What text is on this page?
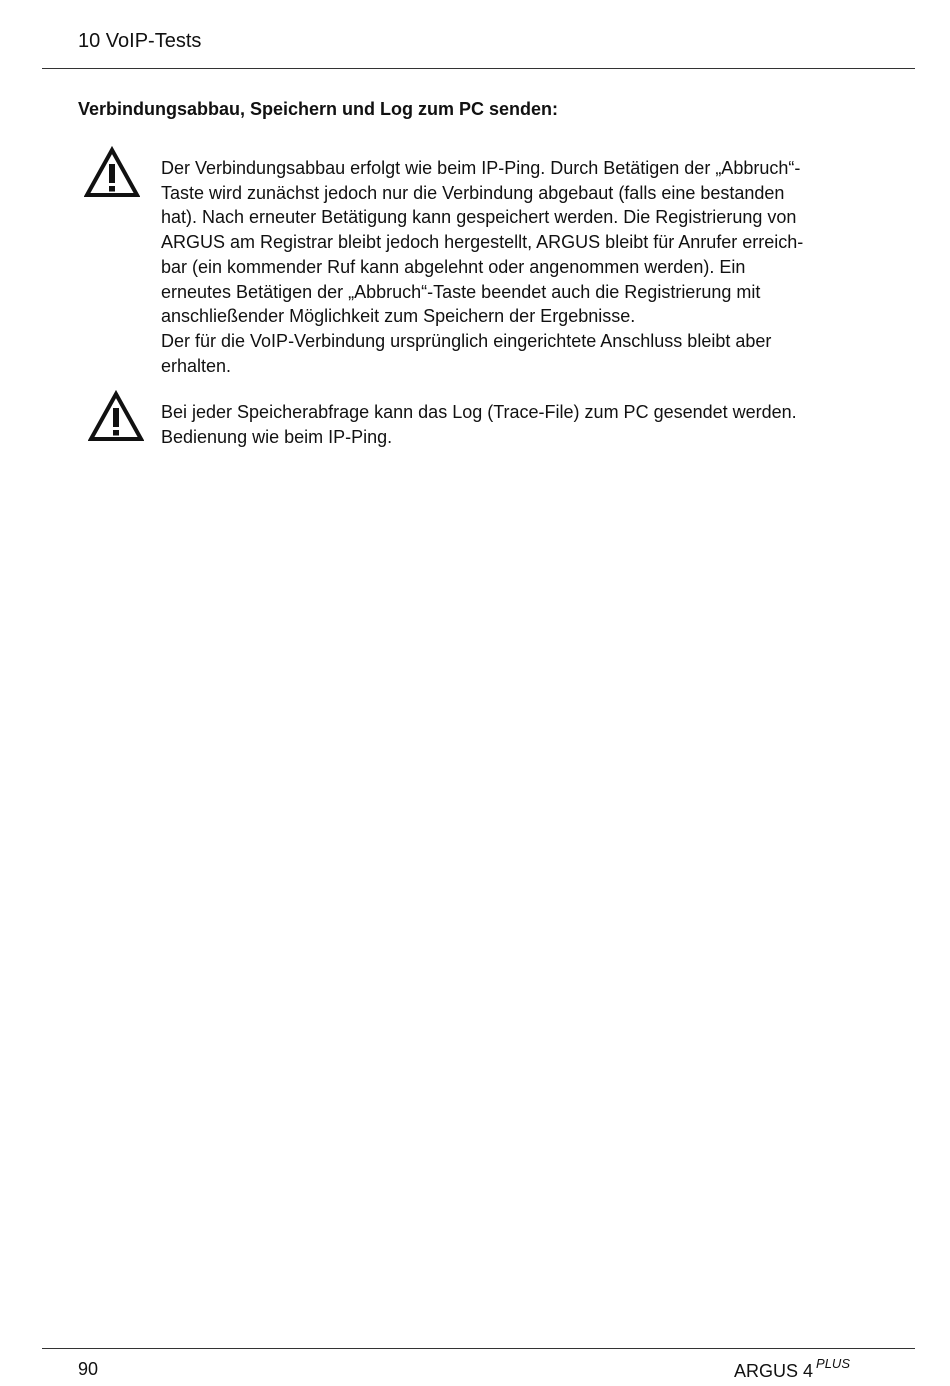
10 VoIP-Tests
Verbindungsabbau, Speichern und Log zum PC senden:

Der Verbindungsabbau erfolgt wie beim IP-Ping. Durch Betätigen der „Abbruch“-
Taste wird zunächst jedoch nur die Verbindung abgebaut (falls eine bestanden
hat). Nach erneuter Betätigung kann gespeichert werden. Die Registrierung von
ARGUS am Registrar bleibt jedoch hergestellt, ARGUS bleibt für Anrufer erreich-
bar (ein kommender Ruf kann abgelehnt oder angenommen werden). Ein
erneutes Betätigen der „Abbruch“-Taste beendet auch die Registrierung mit
anschließender Möglichkeit zum Speichern der Ergebnisse.
Der für die VoIP-Verbindung ursprünglich eingerichtete Anschluss bleibt aber
erhalten.

Bei jeder Speicherabfrage kann das Log (Trace-File) zum PC gesendet werden.
Bedienung wie beim IP-Ping.

90	ARGUS 4 $^{PLUS}$
